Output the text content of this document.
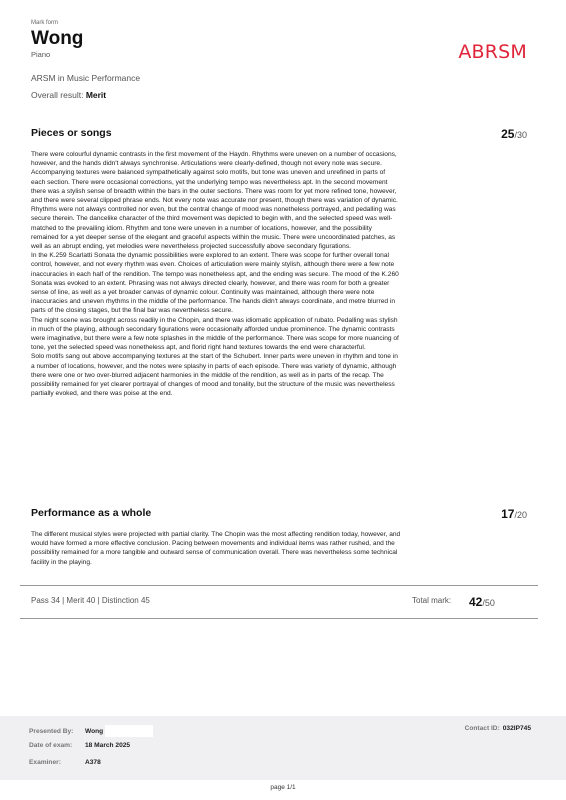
Mark form
Wong
Piano	ABRSM
ARSM in Music Performance
Overall result: Merit
Pieces or songs	25/30

There were colourful dynamic contrasts in the first movement of the Haydn. Rhythms were uneven on a number of occasions, however, and the hands didn't always synchronise. Articulations were clearly-defined, though not every note was secure. Accompanying textures were balanced sympathetically against solo motifs, but tone was uneven and unrefined in parts of each section. There were occasional corrections, yet the underlying tempo was nevertheless apt. In the second movement there was a stylish sense of breadth within the bars in the outer sections. There was room for yet more refined tone, however, and there were several clipped phrase ends. Not every note was accurate nor present, though there was variation of dynamic. Rhythms were not always controlled nor even, but the central change of mood was nonetheless portrayed, and pedalling was secure therein. The dancelike character of the third movement was depicted to begin with, and the selected speed was well-matched to the prevailing idiom. Rhythm and tone were uneven in a number of locations, however, and the possibility remained for a yet deeper sense of the elegant and graceful aspects within the music. There were uncoordinated patches, as well as an abrupt ending, yet melodies were nevertheless projected successfully above secondary figurations.

In the K.259 Scarlatti Sonata the dynamic possibilities were explored to an extent. There was scope for further overall tonal control, however, and not every rhythm was even. Choices of articulation were mainly stylish, although there were a few note inaccuracies in each half of the rendition. The tempo was nonetheless apt, and the ending was secure. The mood of the K.260 Sonata was evoked to an extent. Phrasing was not always directed clearly, however, and there was room for both a greater sense of line, as well as a yet broader canvas of dynamic colour. Continuity was maintained, although there were note inaccuracies and uneven rhythms in the middle of the performance. The hands didn't always coordinate, and metre blurred in parts of the closing stages, but the final bar was nevertheless secure.

The night scene was brought across readily in the Chopin, and there was idiomatic application of rubato. Pedalling was stylish in much of the playing, although secondary figurations were occasionally afforded undue prominence. The dynamic contrasts were imaginative, but there were a few note splashes in the middle of the performance. There was scope for more nuancing of tone, yet the selected speed was nonetheless apt, and florid right hand textures towards the end were characterful.

Solo motifs sang out above accompanying textures at the start of the Schubert. Inner parts were uneven in rhythm and tone in a number of locations, however, and the notes were splashy in parts of each episode. There was variety of dynamic, although there were one or two over-blurred adjacent harmonies in the middle of the rendition, as well as in parts of the recap. The possibility remained for yet clearer portrayal of changes of mood and tonality, but the structure of the music was nevertheless partially evoked, and there was poise at the end.

Performance as a whole	17/20

The different musical styles were projected with partial clarity. The Chopin was the most affecting rendition today, however, and would have formed a more effective conclusion. Pacing between movements and individual items was rather rushed, and the possibility remained for a more tangible and outward sense of communication overall. There was nevertheless some technical facility in the playing.

Pass 34 | Merit 40 | Distinction 45	Total mark: 42/50
Presented By: Wong
Date of exam: 18 March 2025
Examiner:	A378
Contact ID: 032IP745
page 1/1
